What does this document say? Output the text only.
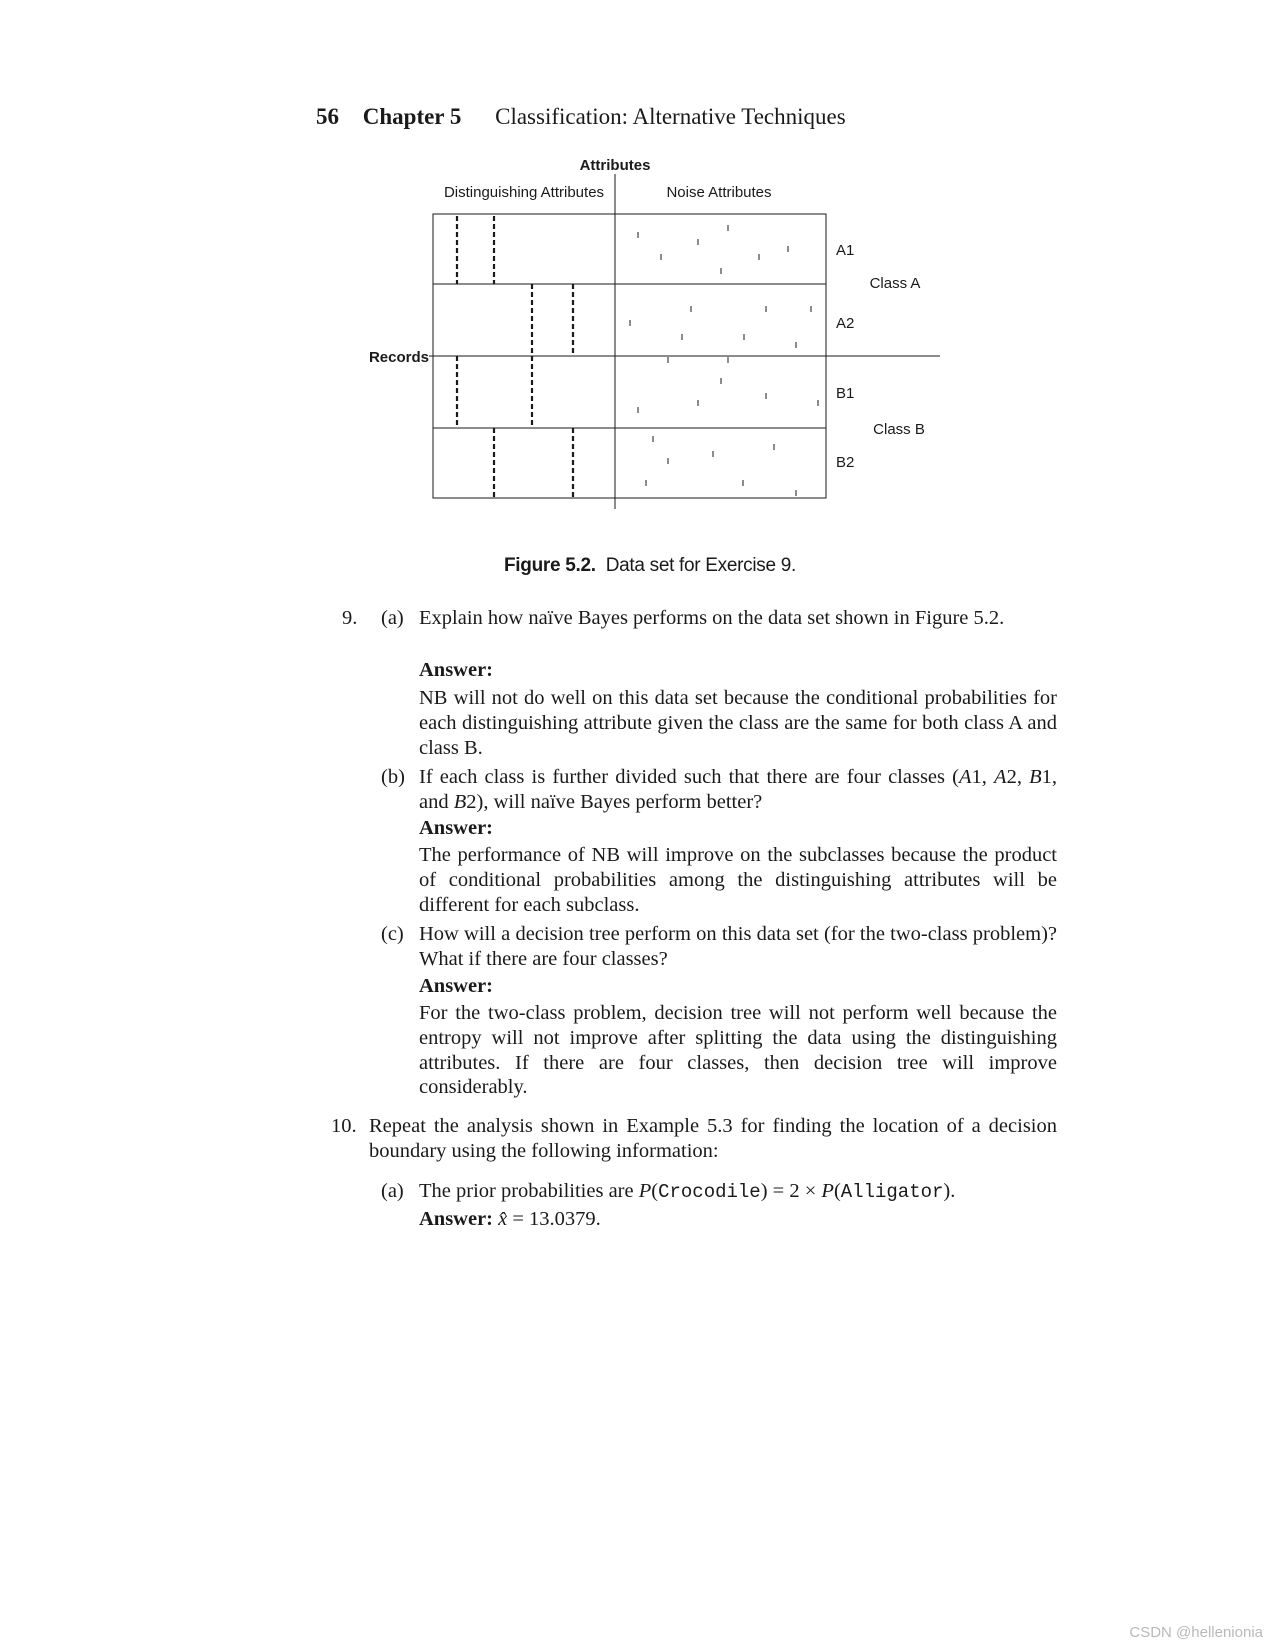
56 Chapter 5 Classification: Alternative Techniques
Attributes
Distinguishing Attributes	Noise Attributes
Records
A1
A2
B1
B2
Class A
Class B
Figure 5.2. Data set for Exercise 9.
9. (a) Explain how naïve Bayes performs on the data set shown in Figure 5.2.
Answer:
NB will not do well on this data set because the conditional probabilities for each distinguishing attribute given the class are the same for both class A and class B.
(b) If each class is further divided such that there are four classes (A1, A2, B1, and B2), will naïve Bayes perform better?
Answer:
The performance of NB will improve on the subclasses because the product of conditional probabilities among the distinguishing attributes will be different for each subclass.
(c) How will a decision tree perform on this data set (for the two-class problem)? What if there are four classes?
Answer:
For the two-class problem, decision tree will not perform well because the entropy will not improve after splitting the data using the distinguishing attributes. If there are four classes, then decision tree will improve considerably.
10. Repeat the analysis shown in Example 5.3 for finding the location of a decision boundary using the following information:
(a) The prior probabilities are P(Crocodile) = 2 × P(Alligator).
Answer: x̂ = 13.0379.
CSDN @hellenionia
